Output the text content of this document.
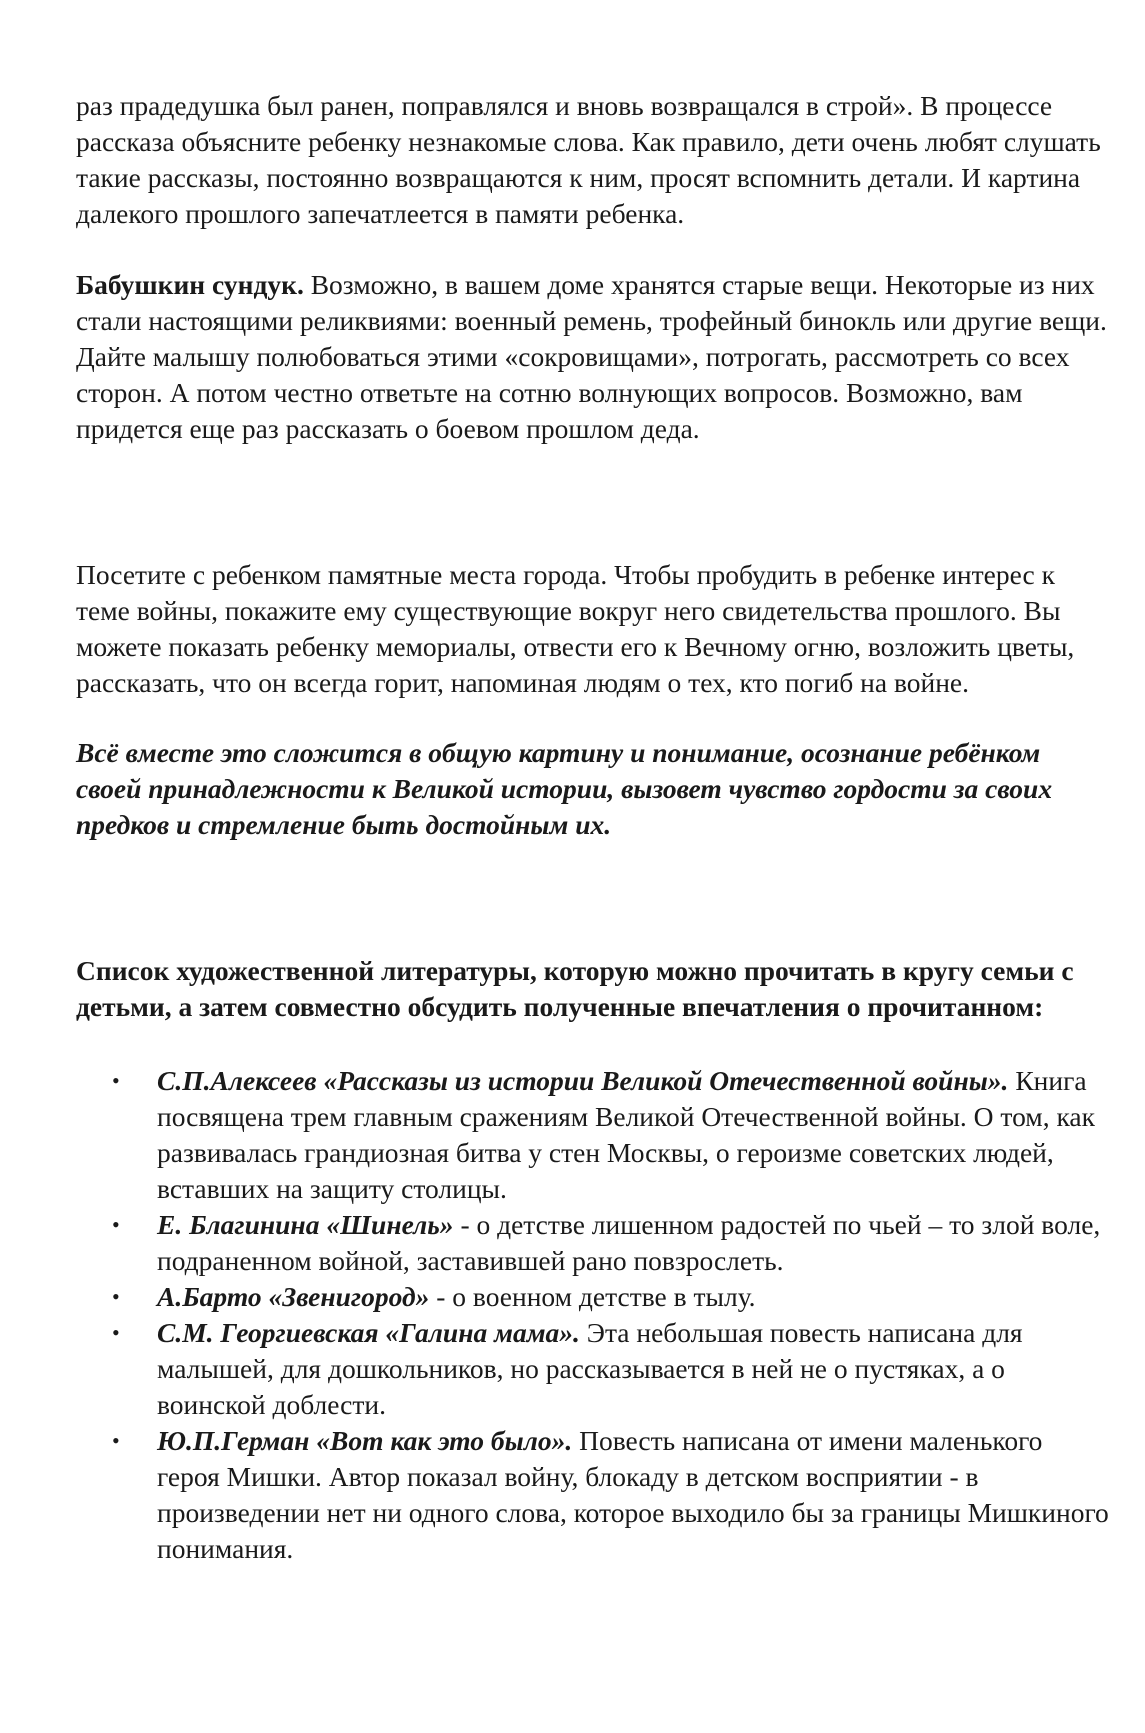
раз прадедушка был ранен, поправлялся и вновь возвращался в строй». В процессе рассказа объясните ребенку незнакомые слова. Как правило, дети очень любят слушать такие рассказы, постоянно возвращаются к ним, просят вспомнить детали. И картина далекого прошлого запечатлеется в памяти ребенка.

Бабушкин сундук. Возможно, в вашем доме хранятся старые вещи. Некоторые из них стали настоящими реликвиями: военный ремень, трофейный бинокль или другие вещи. Дайте малышу полюбоваться этими «сокровищами», потрогать, рассмотреть со всех сторон. А потом честно ответьте на сотню волнующих вопросов. Возможно, вам придется еще раз рассказать о боевом прошлом деда.

Посетите с ребенком памятные места города. Чтобы пробудить в ребенке интерес к теме войны, покажите ему существующие вокруг него свидетельства прошлого. Вы можете показать ребенку мемориалы, отвести его к Вечному огню, возложить цветы, рассказать, что он всегда горит, напоминая людям о тех, кто погиб на войне.

Всё вместе это сложится в общую картину и понимание, осознание ребёнком своей принадлежности к Великой истории, вызовет чувство гордости за своих предков и стремление быть достойным их.

Список художественной литературы, которую можно прочитать в кругу семьи с детьми, а затем совместно обсудить полученные впечатления о прочитанном:

• С.П.Алексеев «Рассказы из истории Великой Отечественной войны». Книга посвящена трем главным сражениям Великой Отечественной войны. О том, как развивалась грандиозная битва у стен Москвы, о героизме советских людей, вставших на защиту столицы.
• Е. Благинина «Шинель» - о детстве лишенном радостей по чьей – то злой воле, подраненном войной, заставившей рано повзрослеть.
• А.Барто «Звенигород» - о военном детстве в тылу.
• С.М. Георгиевская «Галина мама». Эта небольшая повесть написана для малышей, для дошкольников, но рассказывается в ней не о пустяках, а о воинской доблести.
• Ю.П.Герман «Вот как это было». Повесть написана от имени маленького героя Мишки. Автор показал войну, блокаду в детском восприятии - в произведении нет ни одного слова, которое выходило бы за границы Мишкиного понимания.
